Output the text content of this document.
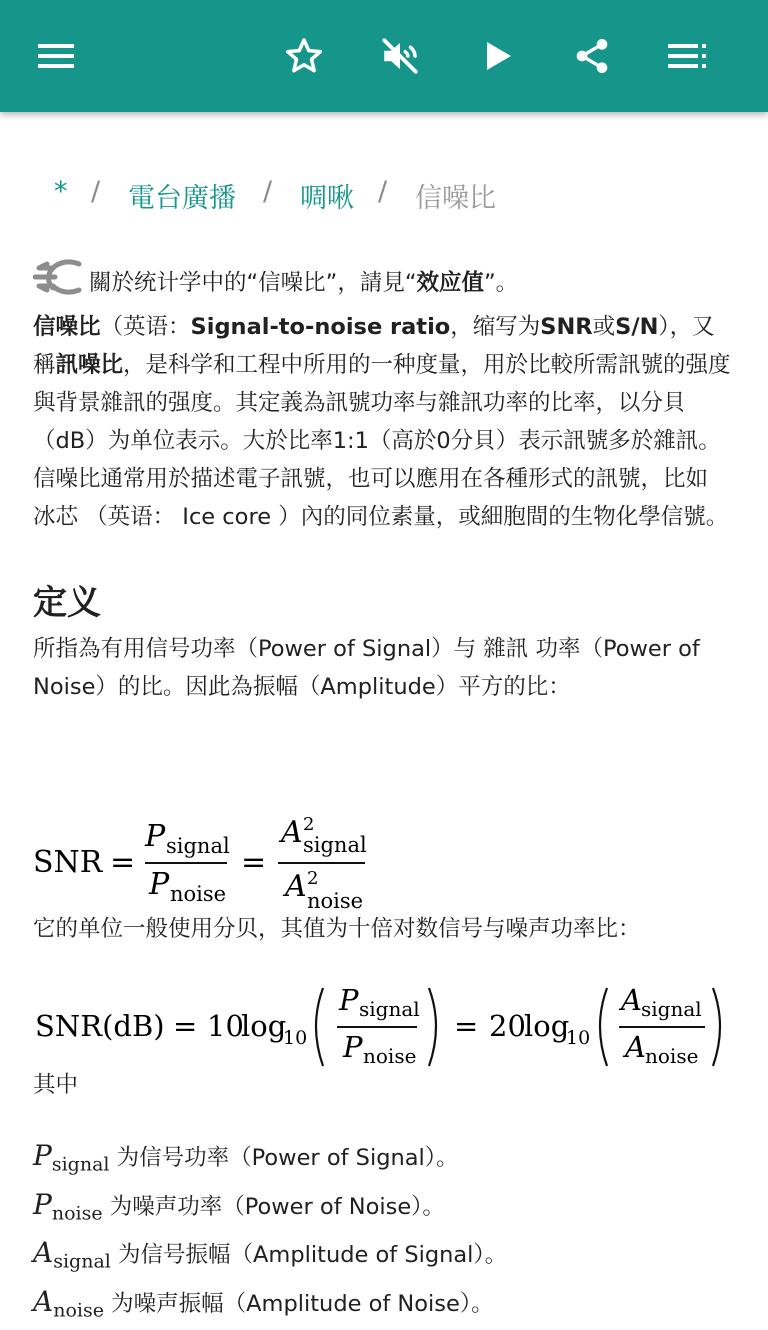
* / 電台廣播 / 啁啾 / 信噪比

關於统计学中的“信噪比”，請見“效应值”。

信噪比（英语：Signal-to-noise ratio，缩写为SNR或S/N），又稱訊噪比，是科学和工程中所用的一种度量，用於比較所需訊號的强度與背景雜訊的强度。其定義為訊號功率与雜訊功率的比率，以分貝（dB）为单位表示。大於比率1:1（高於0分貝）表示訊號多於雜訊。信噪比通常用於描述電子訊號，也可以應用在各種形式的訊號，比如 冰芯 （英语： Ice core ）內的同位素量，或細胞間的生物化學信號。

定义

所指為有用信号功率（Power of Signal）与 雜訊 功率（Power of Noise）的比。因此為振幅（Amplitude）平方的比：

SNR =
P signal
P noise
=
A 2
signal
A 2
noise
它的单位一般使用分贝，其值为十倍对数信号与噪声功率比：
SNR(dB) = 10
log
10
P signal
P noise
= 20
log
10
A signal
A noise
其中
$P_{signal}$ 为信号功率（Power of Signal）。
$P_{noise}$ 为噪声功率（Power of Noise）。
$A_{signal}$ 为信号振幅（Amplitude of Signal）。
$A_{noise}$ 为噪声振幅（Amplitude of Noise）。
